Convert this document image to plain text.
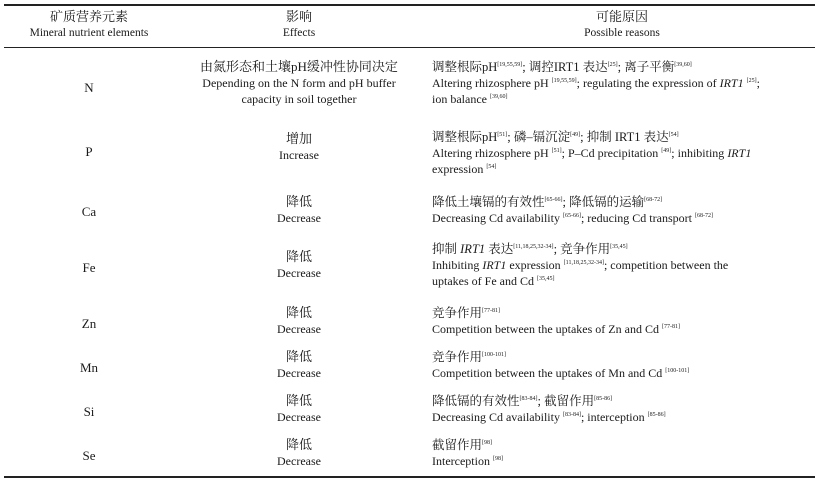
矿质营养元素
Mineral nutrient elements
影响
Effects
可能原因
Possible reasons
N
由氮形态和土壤pH缓冲性协同决定
Depending on the N form and pH buffer
capacity in soil together
调整根际pH[19,55,59]; 调控IRT1 表达[25]; 离子平衡[39,60]
Altering rhizosphere pH [19,55,59]; regulating the expression of IRT1 [25];
ion balance [39,60]
P
增加
Increase
调整根际pH[51]; 磷–镉沉淀[49]; 抑制 IRT1 表达[54]
Altering rhizosphere pH [51]; P–Cd precipitation [49]; inhibiting IRT1
expression [54]
Ca
降低
Decrease
降低土壤镉的有效性[65-66]; 降低镉的运输[68-72]
Decreasing Cd availability [65-66]; reducing Cd transport [68-72]
Fe
降低
Decrease
抑制 IRT1 表达[11,18,25,32-34]; 竞争作用[35,45]
Inhibiting IRT1 expression [11,18,25,32-34]; competition between the
uptakes of Fe and Cd [35,45]
Zn
降低
Decrease
竞争作用[77-81]
Competition between the uptakes of Zn and Cd [77-81]
Mn
降低
Decrease
竞争作用[100-101]
Competition between the uptakes of Mn and Cd [100-101]
Si
降低
Decrease
降低镉的有效性[83-84]; 截留作用[85-86]
Decreasing Cd availability [83-84]; interception [85-86]
Se
降低
Decrease
截留作用[98]
Interception [98]
